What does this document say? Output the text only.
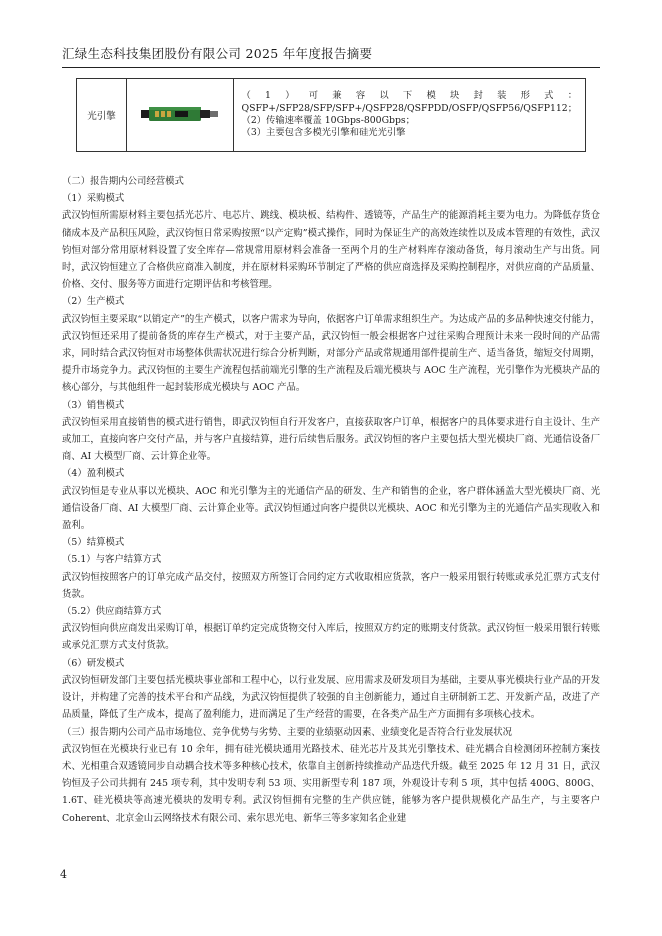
汇绿生态科技集团股份有限公司 2025 年年度报告摘要
光引擎		
（1）可兼容以下模块封装形式：QSFP+/SFP28/SFP/SFP+/QSFP28/QSFPDD/OSFP/QSFP56/QSFP112；
（2）传输速率覆盖 10Gbps-800Gbps；
（3）主要包含多模光引擎和硅光光引擎

（二）报告期内公司经营模式

（1）采购模式

武汉钧恒所需原材料主要包括光芯片、电芯片、跳线、模块板、结构件、透镜等，产品生产的能源消耗主要为电力。为降低存货仓储成本及产品积压风险，武汉钧恒日常采购按照“以产定购”模式操作，同时为保证生产的高效连续性以及成本管理的有效性，武汉钧恒对部分常用原材料设置了安全库存—常规常用原材料会准备一至两个月的生产材料库存滚动备货，每月滚动生产与出货。同时，武汉钧恒建立了合格供应商准入制度，并在原材料采购环节制定了严格的供应商选择及采购控制程序，对供应商的产品质量、价格、交付、服务等方面进行定期评估和考核管理。

（2）生产模式

武汉钧恒主要采取“以销定产”的生产模式，以客户需求为导向，依据客户订单需求组织生产。为达成产品的多品种快速交付能力，武汉钧恒还采用了提前备货的库存生产模式，对于主要产品，武汉钧恒一般会根据客户过往采购合理预计未来一段时间的产品需求，同时结合武汉钧恒对市场整体供需状况进行综合分析判断，对部分产品或常规通用部件提前生产、适当备货，缩短交付周期，提升市场竞争力。武汉钧恒的主要生产流程包括前端光引擎的生产流程及后端光模块与 AOC 生产流程，光引擎作为光模块产品的核心部分，与其他组件一起封装形成光模块与 AOC 产品。

（3）销售模式

武汉钧恒采用直接销售的模式进行销售，即武汉钧恒自行开发客户，直接获取客户订单，根据客户的具体要求进行自主设计、生产或加工，直接向客户交付产品，并与客户直接结算，进行后续售后服务。武汉钧恒的客户主要包括大型光模块厂商、光通信设备厂商、AI 大模型厂商、云计算企业等。

（4）盈利模式

武汉钧恒是专业从事以光模块、AOC 和光引擎为主的光通信产品的研发、生产和销售的企业，客户群体涵盖大型光模块厂商、光通信设备厂商、AI 大模型厂商、云计算企业等。武汉钧恒通过向客户提供以光模块、AOC 和光引擎为主的光通信产品实现收入和盈利。

（5）结算模式

（5.1）与客户结算方式

武汉钧恒按照客户的订单完成产品交付，按照双方所签订合同约定方式收取相应货款，客户一般采用银行转账或承兑汇票方式支付货款。

（5.2）供应商结算方式

武汉钧恒向供应商发出采购订单，根据订单约定完成货物交付入库后，按照双方约定的账期支付货款。武汉钧恒一般采用银行转账或承兑汇票方式支付货款。

（6）研发模式

武汉钧恒研发部门主要包括光模块事业部和工程中心，以行业发展、应用需求及研发项目为基础，主要从事光模块行业产品的开发设计，并构建了完善的技术平台和产品线，为武汉钧恒提供了较强的自主创新能力，通过自主研制新工艺、开发新产品，改进了产品质量，降低了生产成本，提高了盈利能力，进而满足了生产经营的需要，在各类产品生产方面拥有多项核心技术。

（三）报告期内公司产品市场地位、竞争优势与劣势、主要的业绩驱动因素、业绩变化是否符合行业发展状况

武汉钧恒在光模块行业已有 10 余年，拥有硅光模块通用光路技术、硅光芯片及其光引擎技术、硅光耦合自检测闭环控制方案技术、光相重合双透镜同步自动耦合技术等多种核心技术，依靠自主创新持续推动产品迭代升级。截至 2025 年 12 月 31 日，武汉钧恒及子公司共拥有 245 项专利，其中发明专利 53 项、实用新型专利 187 项，外观设计专利 5 项，其中包括 400G、800G、1.6T、硅光模块等高速光模块的发明专利。武汉钧恒拥有完整的生产供应链，能够为客户提供规模化产品生产，与主要客户 Coherent、北京金山云网络技术有限公司、索尔思光电、新华三等多家知名企业建

4
